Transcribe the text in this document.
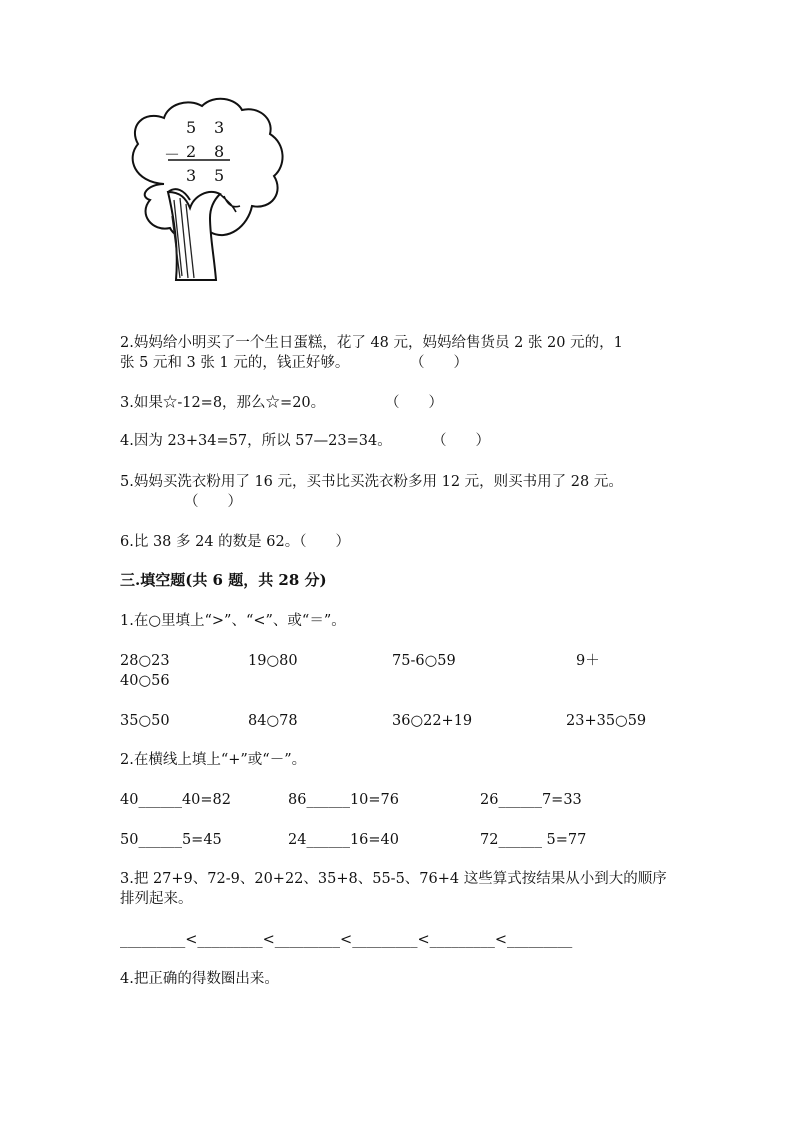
5 3
－ 2 8
3 5
2.妈妈给小明买了一个生日蛋糕，花了 48 元，妈妈给售货员 2 张 20 元的，1
张 5 元和 3 张 1 元的，钱正好够。	（　　）
3.如果☆-12=8，那么☆=20。	（　　）
4.因为 23+34=57，所以 57—23=34。	（　　）
5.妈妈买洗衣粉用了 16 元，买书比买洗衣粉多用 12 元，则买书用了 28 元。
（　　）
6.比 38 多 24 的数是 62。（　　）
三.填空题(共 6 题，共 28 分)
1.在○里填上“>”、“<”、或“＝”。
28○23	19○80	75-6○59	9＋
40○56
35○50	84○78	36○22+19	23+35○59
2.在横线上填上“+”或“－”。
40______40=82	86______10=76	26______7=33
50______5=45	24______16=40	72______ 5=77
3.把 27+9、72-9、20+22、35+8、55-5、76+4 这些算式按结果从小到大的顺序
排列起来。
_________<_________<_________<_________<_________<_________
4.把正确的得数圈出来。
